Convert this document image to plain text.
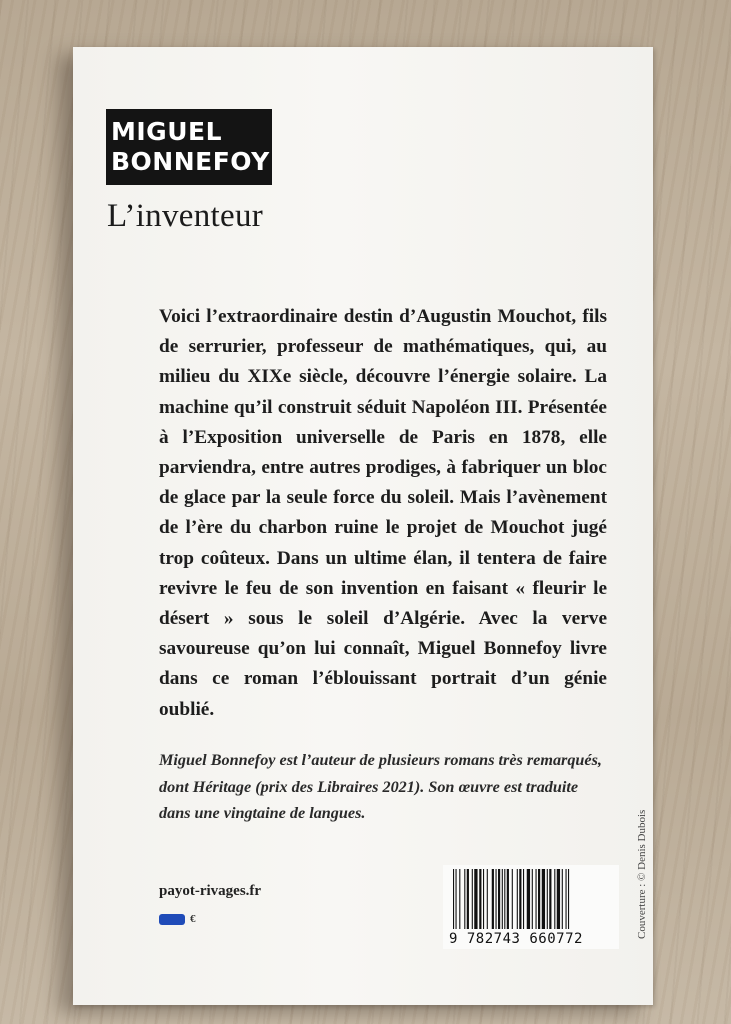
MIGUEL
BONNEFOY
L’inventeur

Voici l’extraordinaire destin d’Augustin Mouchot, fils de serrurier, professeur de mathématiques, qui, au milieu du XIXe siècle, découvre l’énergie solaire. La machine qu’il construit séduit Napoléon III. Présentée à l’Exposition universelle de Paris en 1878, elle parviendra, entre autres prodiges, à fabriquer un bloc de glace par la seule force du soleil. Mais l’avènement de l’ère du charbon ruine le projet de Mouchot jugé trop coûteux. Dans un ultime élan, il tentera de faire revivre le feu de son invention en faisant « fleurir le désert » sous le soleil d’Algérie. Avec la verve savoureuse qu’on lui connaît, Miguel Bonnefoy livre dans ce roman l’éblouissant portrait d’un génie oublié.

Miguel Bonnefoy est l’auteur de plusieurs romans très remarqués, dont Héritage (prix des Libraires 2021). Son œuvre est traduite dans une vingtaine de langues.

payot-rivages.fr
€
9 782743 660772	Couverture : © Denis Dubois
